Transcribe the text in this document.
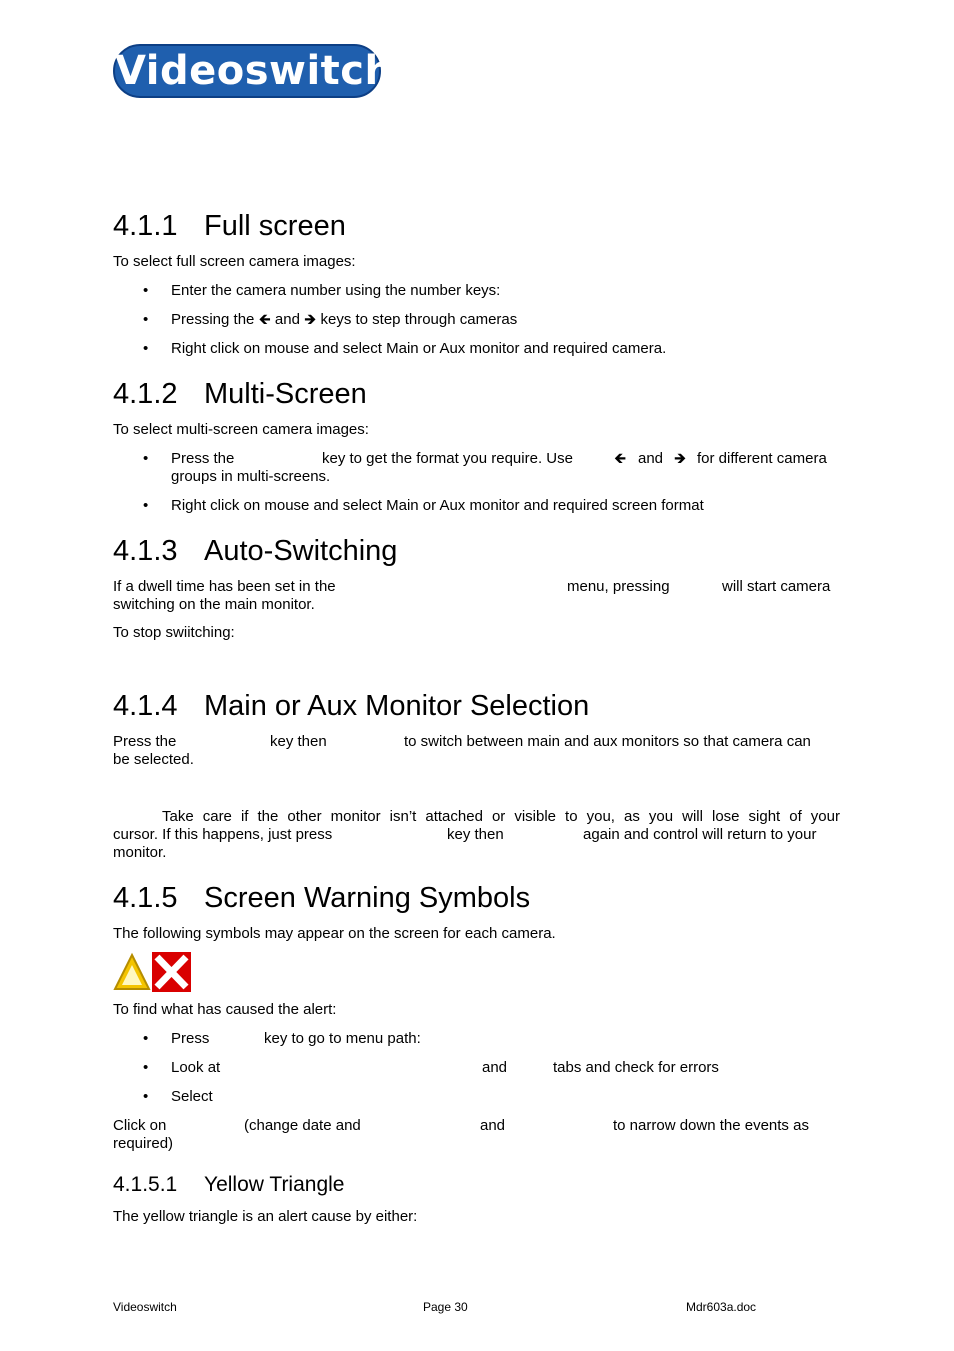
Videoswitch
4.1.1 Full screen
To select full screen camera images:
• Enter the camera number using the number keys:
• Pressing the 🡸 and 🡺 keys to step through cameras
• Right click on mouse and select Main or Aux monitor and required camera.
4.1.2 Multi-Screen
To select multi-screen camera images:
• Press the	key to get the format you require. Use	🡸 and 🡺 for different camera
groups in multi-screens.
• Right click on mouse and select Main or Aux monitor and required screen format
4.1.3 Auto-Switching
If a dwell time has been set in the	menu, pressing	will start camera
switching on the main monitor.
To stop swiitching:
4.1.4 Main or Aux Monitor Selection
Press the	key then	to switch between main and aux monitors so that camera can
be selected.
Take care if the other monitor isn’t attached or visible to you, as you will lose sight of your
cursor. If this happens, just press	key then	again and control will return to your
monitor.
4.1.5 Screen Warning Symbols
The following symbols may appear on the screen for each camera.
To find what has caused the alert:
• Press	key to go to menu path:
• Look at	and	tabs and check for errors
• Select
Click on	(change date and	and	to narrow down the events as
required)
4.1.5.1 Yellow Triangle
The yellow triangle is an alert cause by either:
Videoswitch	Page 30	Mdr603a.doc
